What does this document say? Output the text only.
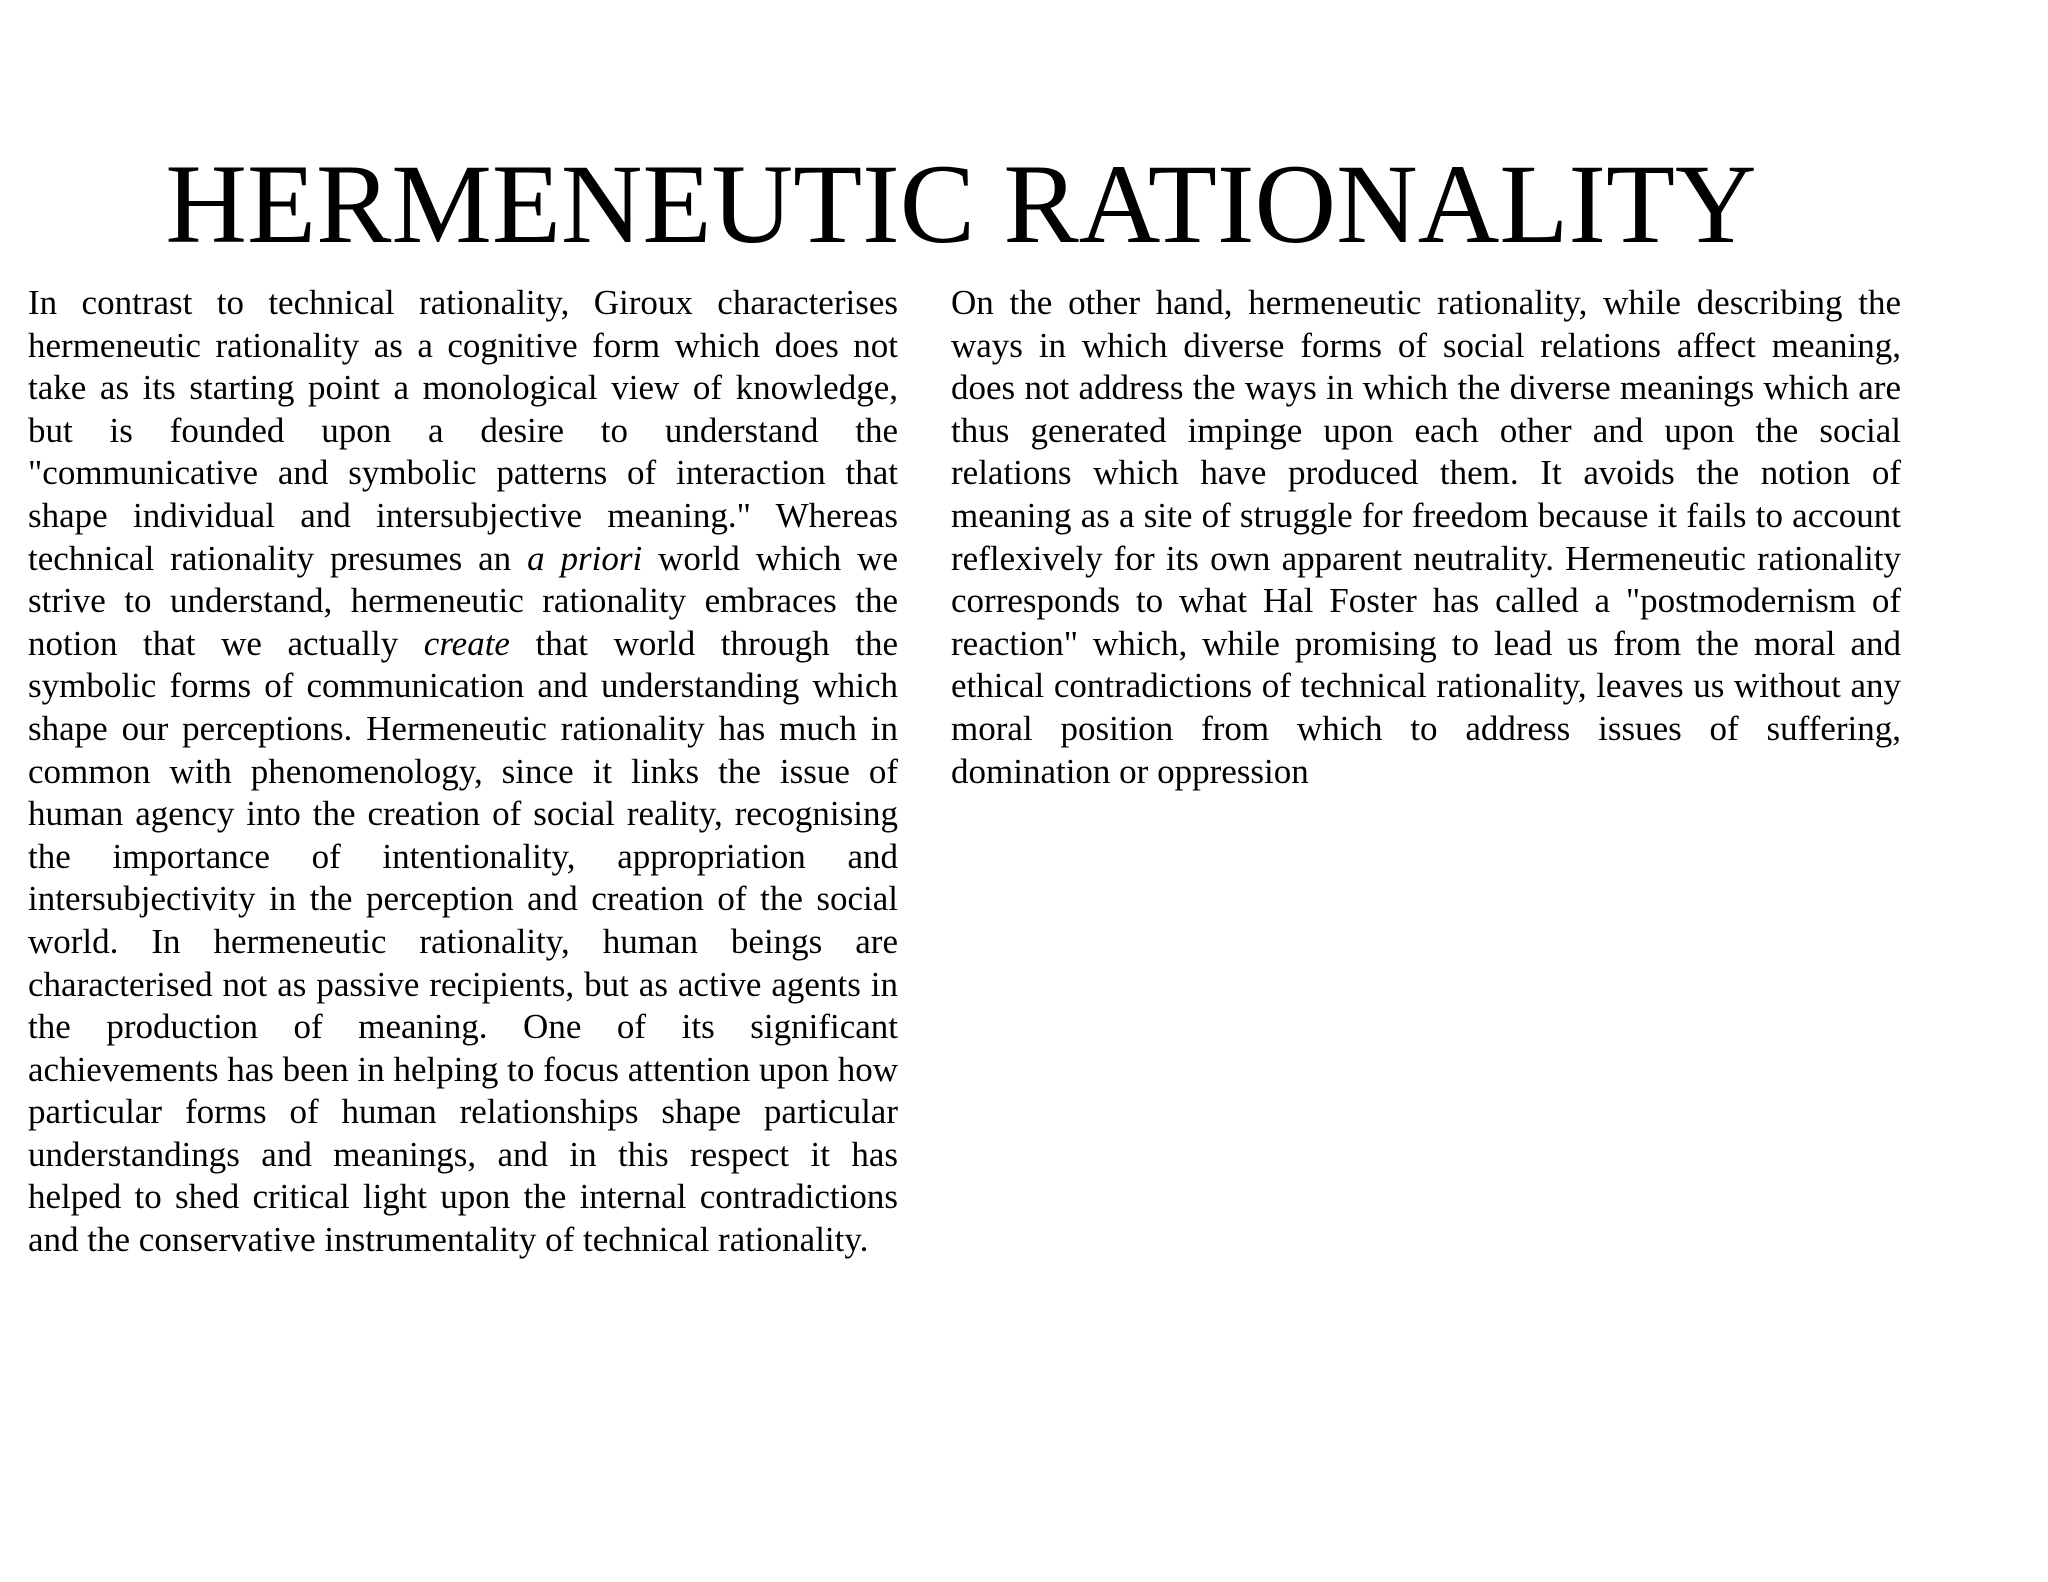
HERMENEUTIC RATIONALITY

In contrast to technical rationality, Giroux characterises hermeneutic rationality as a cognitive form which does not take as its starting point a monological view of knowledge, but is founded upon a desire to understand the "communicative and symbolic patterns of interaction that shape individual and intersubjective meaning." Whereas technical rationality presumes an a priori world which we strive to understand, hermeneutic rationality embraces the notion that we actually create that world through the symbolic forms of communication and understanding which shape our perceptions. Hermeneutic rationality has much in common with phenomenology, since it links the issue of human agency into the creation of social reality, recognising the importance of intentionality, appropriation and intersubjectivity in the perception and creation of the social world. In hermeneutic rationality, human beings are characterised not as passive recipients, but as active agents in the production of meaning. One of its significant achievements has been in helping to focus attention upon how particular forms of human relationships shape particular understandings and meanings, and in this respect it has helped to shed critical light upon the internal contradictions and the conservative instrumentality of technical rationality.

On the other hand, hermeneutic rationality, while describing the ways in which diverse forms of social relations affect meaning, does not address the ways in which the diverse meanings which are thus generated impinge upon each other and upon the social relations which have produced them. It avoids the notion of meaning as a site of struggle for freedom because it fails to account reflexively for its own apparent neutrality. Hermeneutic rationality corresponds to what Hal Foster has called a "postmodernism of reaction" which, while promising to lead us from the moral and ethical contradictions of technical rationality, leaves us without any moral position from which to address issues of suffering, domination or oppression
